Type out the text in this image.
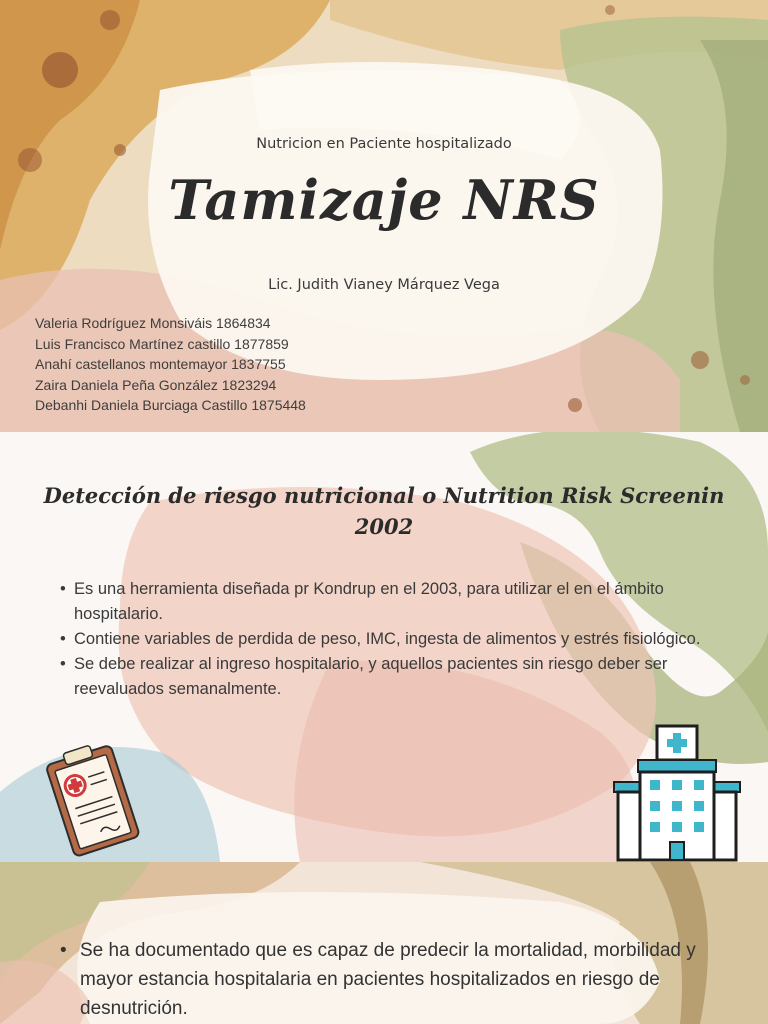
Nutricion en Paciente hospitalizado
Tamizaje NRS
Lic. Judith Vianey Márquez Vega
Valeria Rodríguez Monsiváis 1864834
Luis Francisco Martínez castillo 1877859
Anahí castellanos montemayor 1837755
Zaira Daniela Peña González 1823294
Debanhi Daniela Burciaga Castillo 1875448
Detección de riesgo nutricional o Nutrition Risk Screenin 2002
• Es una herramienta diseñada pr Kondrup en el 2003, para utilizar el en el ámbito hospitalario.
• Contiene variables de perdida de peso, IMC, ingesta de alimentos y estrés fisiológico.
• Se debe realizar al ingreso hospitalario, y aquellos pacientes sin riesgo deber ser reevaluados semanalmente.
• Se ha documentado que es capaz de predecir la mortalidad, morbilidad y mayor estancia hospitalaria en pacientes hospitalizados en riesgo de desnutrición.
